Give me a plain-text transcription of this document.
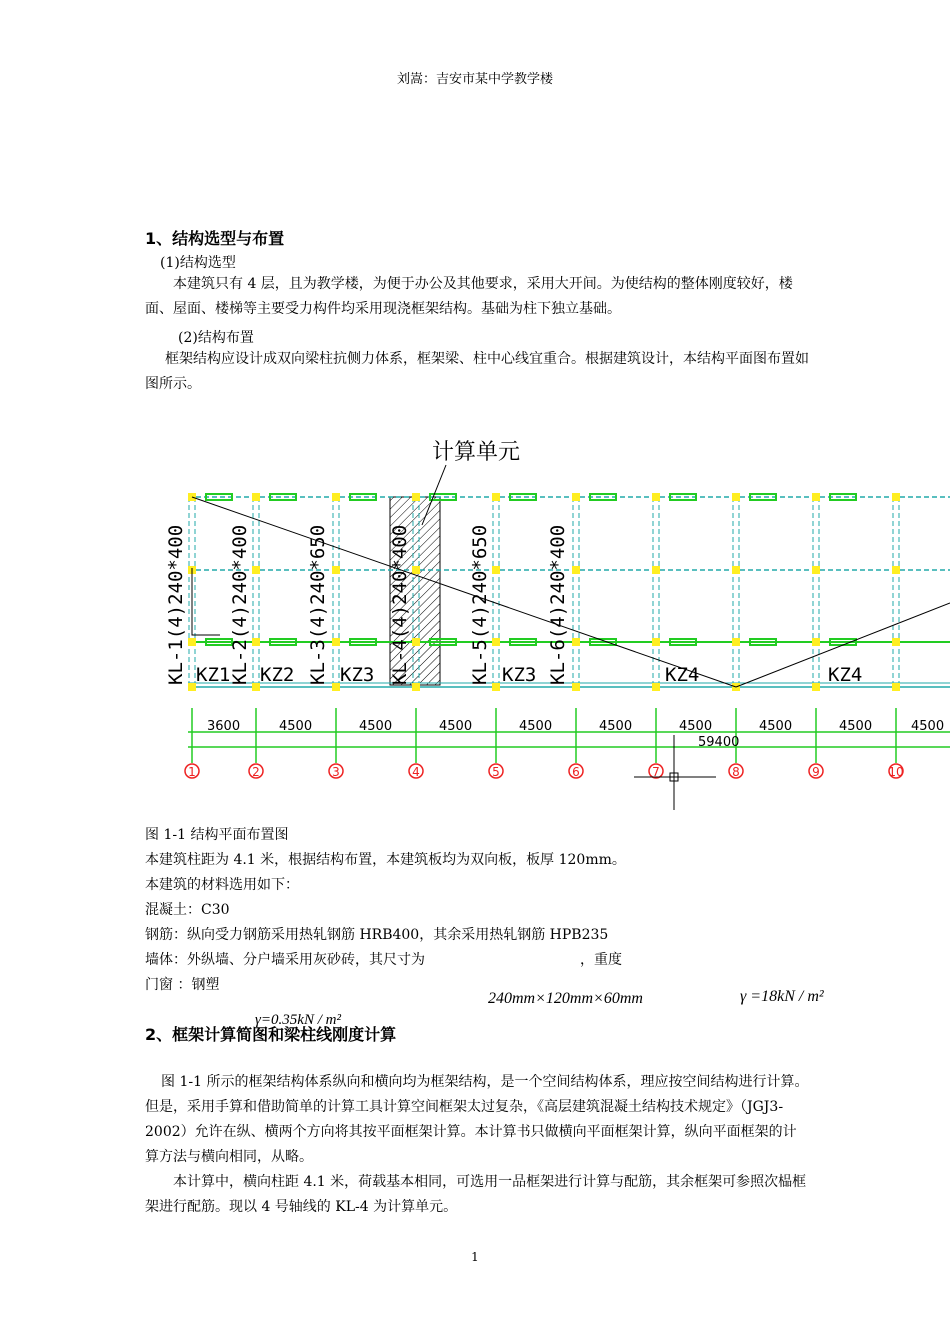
刘嵩：吉安市某中学教学楼
1、结构选型与布置
(1)结构选型
本建筑只有 4 层，且为教学楼，为便于办公及其他要求，采用大开间。为使结构的整体刚度较好，楼面、屋面、楼梯等主要受力构件均采用现浇框架结构。基础为柱下独立基础。
(2)结构布置
框架结构应设计成双向梁柱抗侧力体系，框架梁、柱中心线宜重合。根据建筑设计，本结构平面图布置如图所示。
计算单元
KL-1(4)240*400 KL-2(4)240*400	KL-3(4)240*650	KL-4(4)240*400	KL-5(4)240*650	KL-6(4)240*400
KZ1 KZ2 KZ3	KZ3	KZ4	KZ4
3600	4500	4500	4500	4500	4500	4500	4500	4500	4500
59400
1	2	3	4	5	6	7	8	9	10
图 1-1 结构平面布置图
本建筑柱距为 4.1 米，根据结构布置，本建筑板均为双向板，板厚 120mm。
本建筑的材料选用如下：
混凝土：C30
钢筋：纵向受力钢筋采用热轧钢筋 HRB400，其余采用热轧钢筋 HPB235
墙体：外纵墙、分户墙采用灰砂砖，其尺寸为	，重度
门窗 ：钢塑
240mm×120mm×60mm	γ =18kN / m²
γ=0.35kN / m²
2、框架计算简图和梁柱线刚度计算
图 1-1 所示的框架结构体系纵向和横向均为框架结构，是一个空间结构体系，理应按空间结构进行计算。但是，采用手算和借助简单的计算工具计算空间框架太过复杂，《高层建筑混凝土结构技术规定》（JGJ3-2002）允许在纵、横两个方向将其按平面框架计算。本计算书只做横向平面框架计算，纵向平面框架的计算方法与横向相同，从略。
本计算中，横向柱距 4.1 米，荷载基本相同，可选用一品框架进行计算与配筋，其余框架可参照次榀框架进行配筋。现以 4 号轴线的 KL-4 为计算单元。
1
